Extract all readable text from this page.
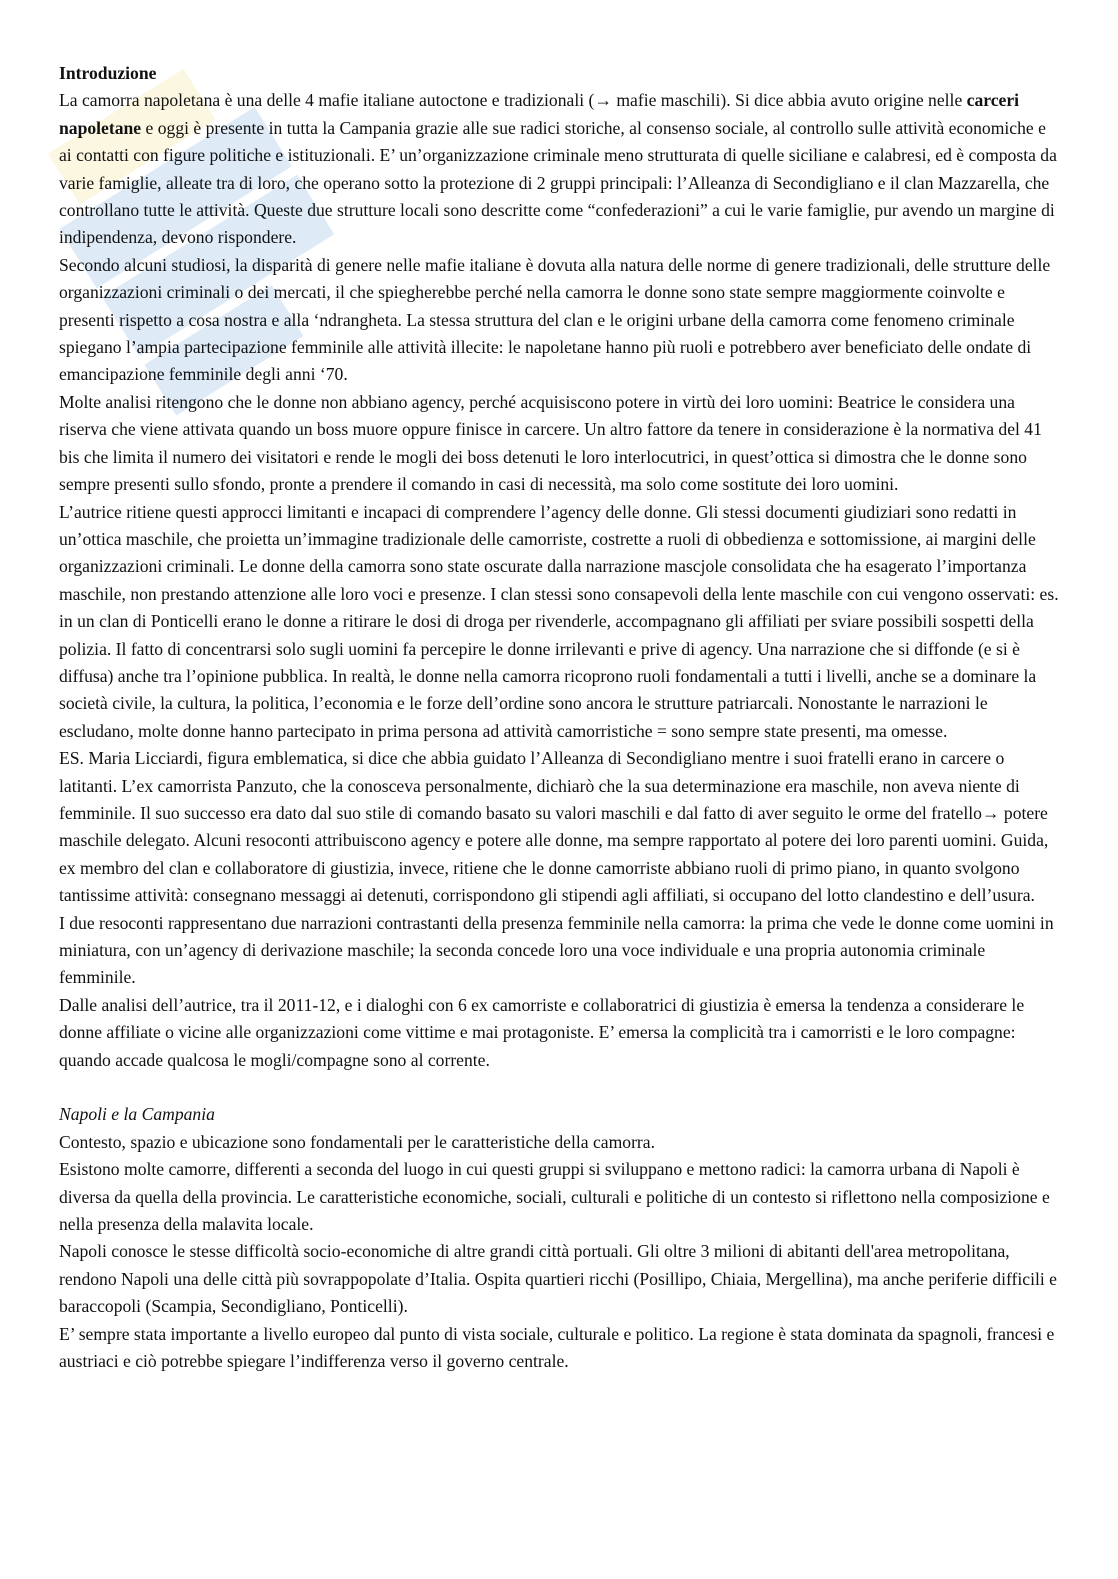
Introduzione

La camorra napoletana è una delle 4 mafie italiane autoctone e tradizionali (→ mafie maschili). Si dice abbia avuto origine nelle carceri napoletane e oggi è presente in tutta la Campania grazie alle sue radici storiche, al consenso sociale, al controllo sulle attività economiche e ai contatti con figure politiche e istituzionali. E’ un’organizzazione criminale meno strutturata di quelle siciliane e calabresi, ed è composta da varie famiglie, alleate tra di loro, che operano sotto la protezione di 2 gruppi principali: l’Alleanza di Secondigliano e il clan Mazzarella, che controllano tutte le attività. Queste due strutture locali sono descritte come “confederazioni” a cui le varie famiglie, pur avendo un margine di indipendenza, devono rispondere.

Secondo alcuni studiosi, la disparità di genere nelle mafie italiane è dovuta alla natura delle norme di genere tradizionali, delle strutture delle organizzazioni criminali o dei mercati, il che spiegherebbe perché nella camorra le donne sono state sempre maggiormente coinvolte e presenti rispetto a cosa nostra e alla ‘ndrangheta. La stessa struttura del clan e le origini urbane della camorra come fenomeno criminale spiegano l’ampia partecipazione femminile alle attività illecite: le napoletane hanno più ruoli e potrebbero aver beneficiato delle ondate di emancipazione femminile degli anni ‘70.

Molte analisi ritengono che le donne non abbiano agency, perché acquisiscono potere in virtù dei loro uomini: Beatrice le considera una riserva che viene attivata quando un boss muore oppure finisce in carcere. Un altro fattore da tenere in considerazione è la normativa del 41 bis che limita il numero dei visitatori e rende le mogli dei boss detenuti le loro interlocutrici, in quest’ottica si dimostra che le donne sono sempre presenti sullo sfondo, pronte a prendere il comando in casi di necessità, ma solo come sostitute dei loro uomini.

L’autrice ritiene questi approcci limitanti e incapaci di comprendere l’agency delle donne. Gli stessi documenti giudiziari sono redatti in un’ottica maschile, che proietta un’immagine tradizionale delle camorriste, costrette a ruoli di obbedienza e sottomissione, ai margini delle organizzazioni criminali. Le donne della camorra sono state oscurate dalla narrazione mascjole consolidata che ha esagerato l’importanza maschile, non prestando attenzione alle loro voci e presenze. I clan stessi sono consapevoli della lente maschile con cui vengono osservati: es. in un clan di Ponticelli erano le donne a ritirare le dosi di droga per rivenderle, accompagnano gli affiliati per sviare possibili sospetti della polizia. Il fatto di concentrarsi solo sugli uomini fa percepire le donne irrilevanti e prive di agency. Una narrazione che si diffonde (e si è diffusa) anche tra l’opinione pubblica. In realtà, le donne nella camorra ricoprono ruoli fondamentali a tutti i livelli, anche se a dominare la società civile, la cultura, la politica, l’economia e le forze dell’ordine sono ancora le strutture patriarcali. Nonostante le narrazioni le escludano, molte donne hanno partecipato in prima persona ad attività camorristiche = sono sempre state presenti, ma omesse.

ES. Maria Licciardi, figura emblematica, si dice che abbia guidato l’Alleanza di Secondigliano mentre i suoi fratelli erano in carcere o latitanti. L’ex camorrista Panzuto, che la conosceva personalmente, dichiarò che la sua determinazione era maschile, non aveva niente di femminile. Il suo successo era dato dal suo stile di comando basato su valori maschili e dal fatto di aver seguito le orme del fratello→ potere maschile delegato. Alcuni resoconti attribuiscono agency e potere alle donne, ma sempre rapportato al potere dei loro parenti uomini. Guida, ex membro del clan e collaboratore di giustizia, invece, ritiene che le donne camorriste abbiano ruoli di primo piano, in quanto svolgono tantissime attività: consegnano messaggi ai detenuti, corrispondono gli stipendi agli affiliati, si occupano del lotto clandestino e dell’usura.

I due resoconti rappresentano due narrazioni contrastanti della presenza femminile nella camorra: la prima che vede le donne come uomini in miniatura, con un’agency di derivazione maschile; la seconda concede loro una voce individuale e una propria autonomia criminale femminile.

Dalle analisi dell’autrice, tra il 2011-12, e i dialoghi con 6 ex camorriste e collaboratrici di giustizia è emersa la tendenza a considerare le donne affiliate o vicine alle organizzazioni come vittime e mai protagoniste. E’ emersa la complicità tra i camorristi e le loro compagne: quando accade qualcosa le mogli/compagne sono al corrente.

Napoli e la Campania

Contesto, spazio e ubicazione sono fondamentali per le caratteristiche della camorra.

Esistono molte camorre, differenti a seconda del luogo in cui questi gruppi si sviluppano e mettono radici: la camorra urbana di Napoli è diversa da quella della provincia. Le caratteristiche economiche, sociali, culturali e politiche di un contesto si riflettono nella composizione e nella presenza della malavita locale.

Napoli conosce le stesse difficoltà socio-economiche di altre grandi città portuali. Gli oltre 3 milioni di abitanti dell'area metropolitana, rendono Napoli una delle città più sovrappopolate d’Italia. Ospita quartieri ricchi (Posillipo, Chiaia, Mergellina), ma anche periferie difficili e baraccopoli (Scampia, Secondigliano, Ponticelli).

E’ sempre stata importante a livello europeo dal punto di vista sociale, culturale e politico. La regione è stata dominata da spagnoli, francesi e austriaci e ciò potrebbe spiegare l’indifferenza verso il governo centrale.
